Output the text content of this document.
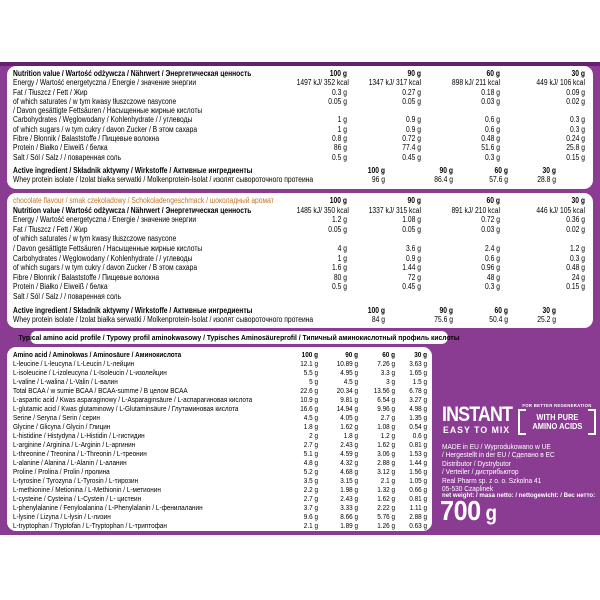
Nutrition value / Wartość odżywcza / Nährwert / Энергетическая ценность	100 g	90 g	60 g	30 g
Energy / Wartość energetyczna / Energie / значение энергии	1497 kJ/ 352 kcal	1347 kJ/ 317 kcal	898 kJ/ 211 kcal	449 kJ/ 106 kcal
Fat / Tłuszcz / Fett / Жир	0.3 g	0.27 g	0.18 g	0.09 g
of which saturates / w tym kwasy tłuszczowe nasycone	0.05 g	0.05 g	0.03 g	0.02 g
/ Davon gesättigte Fettsäuren / Насыщенные жирные кислоты
Carbohydrates / Węglowodany / Kohlenhydrate / / углеводы	1 g	0.9 g	0.6 g	0.3 g
of which sugars / w tym cukry / davon Zucker / В этом сахара	1 g	0.9 g	0.6 g	0.3 g
Fibre / Błonnik / Balaststoffe / Пищевые волокна	0.8 g	0.72 g	0.48 g	0.24 g
Protein / Białko / Eiweiß / белка	86 g	77.4 g	51.6 g	25.8 g
Salt / Sól / Salz / / поваренная соль	0.5 g	0.45 g	0.3 g	0.15 g
Active ingredient / Składnik aktywny / Wirkstoffe / Активные ингредиенты	100 g	90 g	60 g	30 g
Whey protein isolate / Izolat białka serwatki / Molkenprotein-Isolat / изолят сывороточного протеина	96 g	86.4 g	57.6 g	28.8 g
chocolate flavour / smak czekoladowy / Schokoladengeschmack / шоколадный аромат	100 g	90 g	60 g	30 g
Nutrition value / Wartość odżywcza / Nährwert / Энергетическая ценность	1485 kJ/ 350 kcal	1337 kJ/ 315 kcal	891 kJ/ 210 kcal	446 kJ/ 105 kcal
Energy / Wartość energetyczna / Energie / значение энергии	1.2 g	1.08 g	0.72 g	0.36 g
Fat / Tłuszcz / Fett / Жир	0.05 g	0.05 g	0.03 g	0.02 g
of which saturates / w tym kwasy tłuszczowe nasycone
/ Davon gesättigte Fettsäuren / Насыщенные жирные кислоты	4 g	3.6 g	2.4 g	1.2 g
Carbohydrates / Węglowodany / Kohlenhydrate / / углеводы	1 g	0.9 g	0.6 g	0.3 g
of which sugars / w tym cukry / davon Zucker / В этом сахара	1.6 g	1.44 g	0.96 g	0.48 g
Fibre / Błonnik / Balaststoffe / Пищевые волокна	80 g	72 g	48 g	24 g
Protein / Białko / Eiweiß / белка	0.5 g	0.45 g	0.3 g	0.15 g
Salt / Sól / Salz / / поваренная соль
Active ingredient / Składnik aktywny / Wirkstoffe / Активные ингредиенты	100 g	90 g	60 g	30 g
Whey protein isolate / Izolat białka serwatki / Molkenprotein-Isolat / изолят сывороточного протеина	84 g	75.6 g	50.4 g	25.2 g
Typical amino acid profile / Typowy profil aminokwasowy / Typisches Aminosäureprofil / Типичный аминокислотный профиль кислоты
Amino acid / Aminokwas / Aminosäure / Аминокислота	100 g	90 g	60 g	30 g
L-leucine / L-leucyna / L-Leucin / L-лейцин	12.1 g	10.89 g	7.26 g	3.63 g
L-isoleucine / L-izoleucyna / L-Isoleucin / L-изолейцин	5.5 g	4.95 g	3.3 g	1.65 g
L-valine / L-walina / L-Valin / L-валин	5 g	4.5 g	3 g	1.5 g
Total BCAA / w sumie BCAA / BCAA-summe / В целом BCAA	22.6 g	20.34 g	13.56 g	6.78 g
L-aspartic acid / Kwas asparaginowy / L-Asparaginsäure / L-аспарагиновая кислота	10.9 g	9.81 g	6.54 g	3.27 g
L-glutamic acid / Kwas glutaminowy / L-Glutaminsäure / Глутаминовая кислота	16.6 g	14.94 g	9.96 g	4.98 g
Serine / Seryna / Serin / серин	4.5 g	4.05 g	2.7 g	1.35 g
Glycine / Glicyna / Glycin / Глицин	1.8 g	1.62 g	1.08 g	0.54 g
L-histidine / Histydyna / L-Histidin / L-гистидин	2 g	1.8 g	1.2 g	0.6 g
L-arginine / Arginina / L-Arginin / L-аргинин	2.7 g	2.43 g	1.62 g	0.81 g
L-threonine / Treonina / L-Threonin / L-треонин	5.1 g	4.59 g	3.06 g	1.53 g
L-alanine / Alanina / L-Alanin / L-аланин	4.8 g	4.32 g	2.88 g	1.44 g
Proline / Prolina / Prolin / пролина	5.2 g	4.68 g	3.12 g	1.56 g
L-tyrosine / Tyrozyna / L-Tyrosin / L-тирозин	3.5 g	3.15 g	2.1 g	1.05 g
L-methionine / Metionina / L-Methionin / L-метионин	2.2 g	1.98 g	1.32 g	0.66 g
L-cysteine / Cysteina / L-Cystein / L- цистеин	2.7 g	2.43 g	1.62 g	0.81 g
L-phenylalanine / Fenyloalanina / L-Phenylalanin / L-фенилаланин	3.7 g	3.33 g	2.22 g	1.11 g
L-lysine / Lizyna / L-lysin / L-лизин	9.6 g	8.66 g	5.76 g	2.88 g
L-tryptophan / Tryptofan / L-Tryptophan / L-триптофан	2.1 g	1.89 g	1.26 g	0.63 g
INSTANT
EASY TO MIX
FOR BETTER REGENERATION
WITH PURE
AMINO ACIDS
MADE in EU / Wyprodukowano w UE
/ Hergestellt in der EU / Сделано в ЕС
Distributor / Dystrybutor
/ Verteiler / дистрибьютор
Real Pharm sp. z o. o. Szkolna 41
05-530 Czaplinek
net weight: / masa netto: / nettogewicht: / Вес нетто:
700 g
